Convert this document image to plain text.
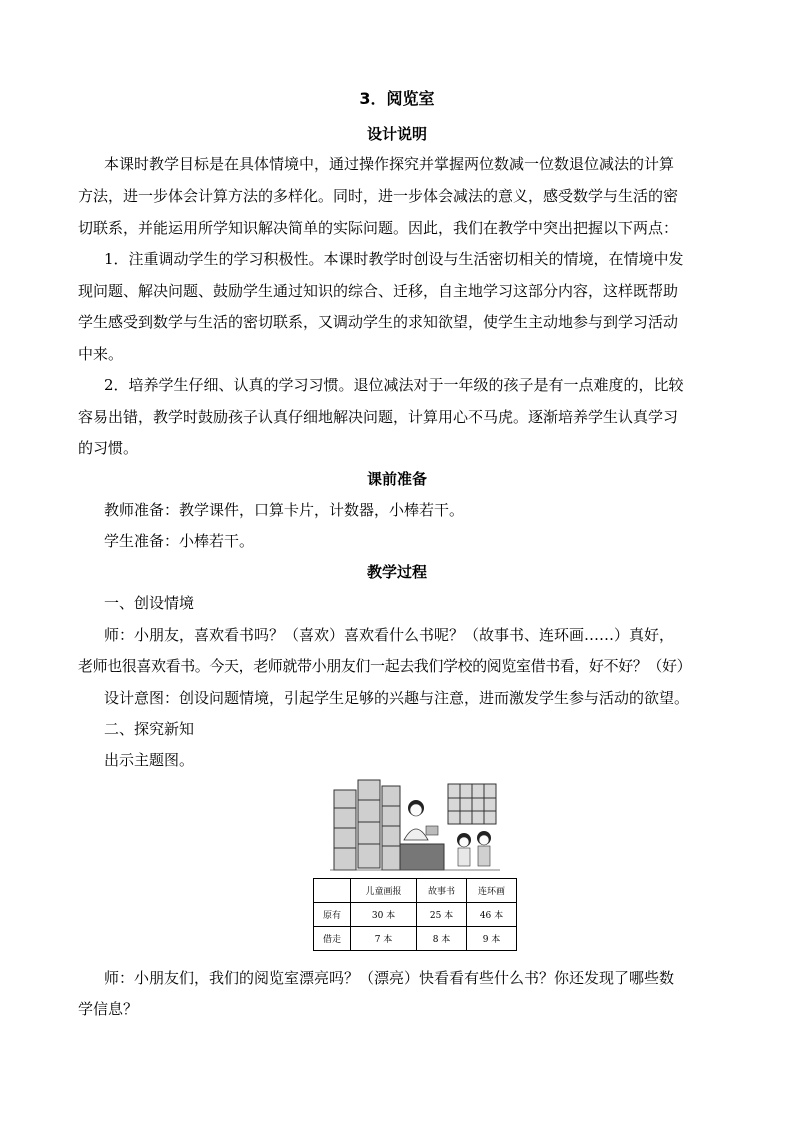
3．阅览室
设计说明
本课时教学目标是在具体情境中，通过操作探究并掌握两位数减一位数退位减法的计算
方法，进一步体会计算方法的多样化。同时，进一步体会减法的意义，感受数学与生活的密
切联系，并能运用所学知识解决简单的实际问题。因此，我们在教学中突出把握以下两点：
1．注重调动学生的学习积极性。本课时教学时创设与生活密切相关的情境，在情境中发
现问题、解决问题、鼓励学生通过知识的综合、迁移，自主地学习这部分内容，这样既帮助
学生感受到数学与生活的密切联系，又调动学生的求知欲望，使学生主动地参与到学习活动
中来。
2．培养学生仔细、认真的学习习惯。退位减法对于一年级的孩子是有一点难度的，比较
容易出错，教学时鼓励孩子认真仔细地解决问题，计算用心不马虎。逐渐培养学生认真学习
的习惯。
课前准备
教师准备：教学课件，口算卡片，计数器，小棒若干。
学生准备：小棒若干。
教学过程
一、创设情境
师：小朋友，喜欢看书吗？（喜欢）喜欢看什么书呢？（故事书、连环画……）真好，
老师也很喜欢看书。今天，老师就带小朋友们一起去我们学校的阅览室借书看，好不好？（好）
设计意图：创设问题情境，引起学生足够的兴趣与注意，进而激发学生参与活动的欲望。
二、探究新知
出示主题图。
	儿童画报	故事书	连环画
原有	30 本	25 本	46 本
借走	7 本	8 本	9 本
师：小朋友们，我们的阅览室漂亮吗？（漂亮）快看看有些什么书？你还发现了哪些数
学信息？
